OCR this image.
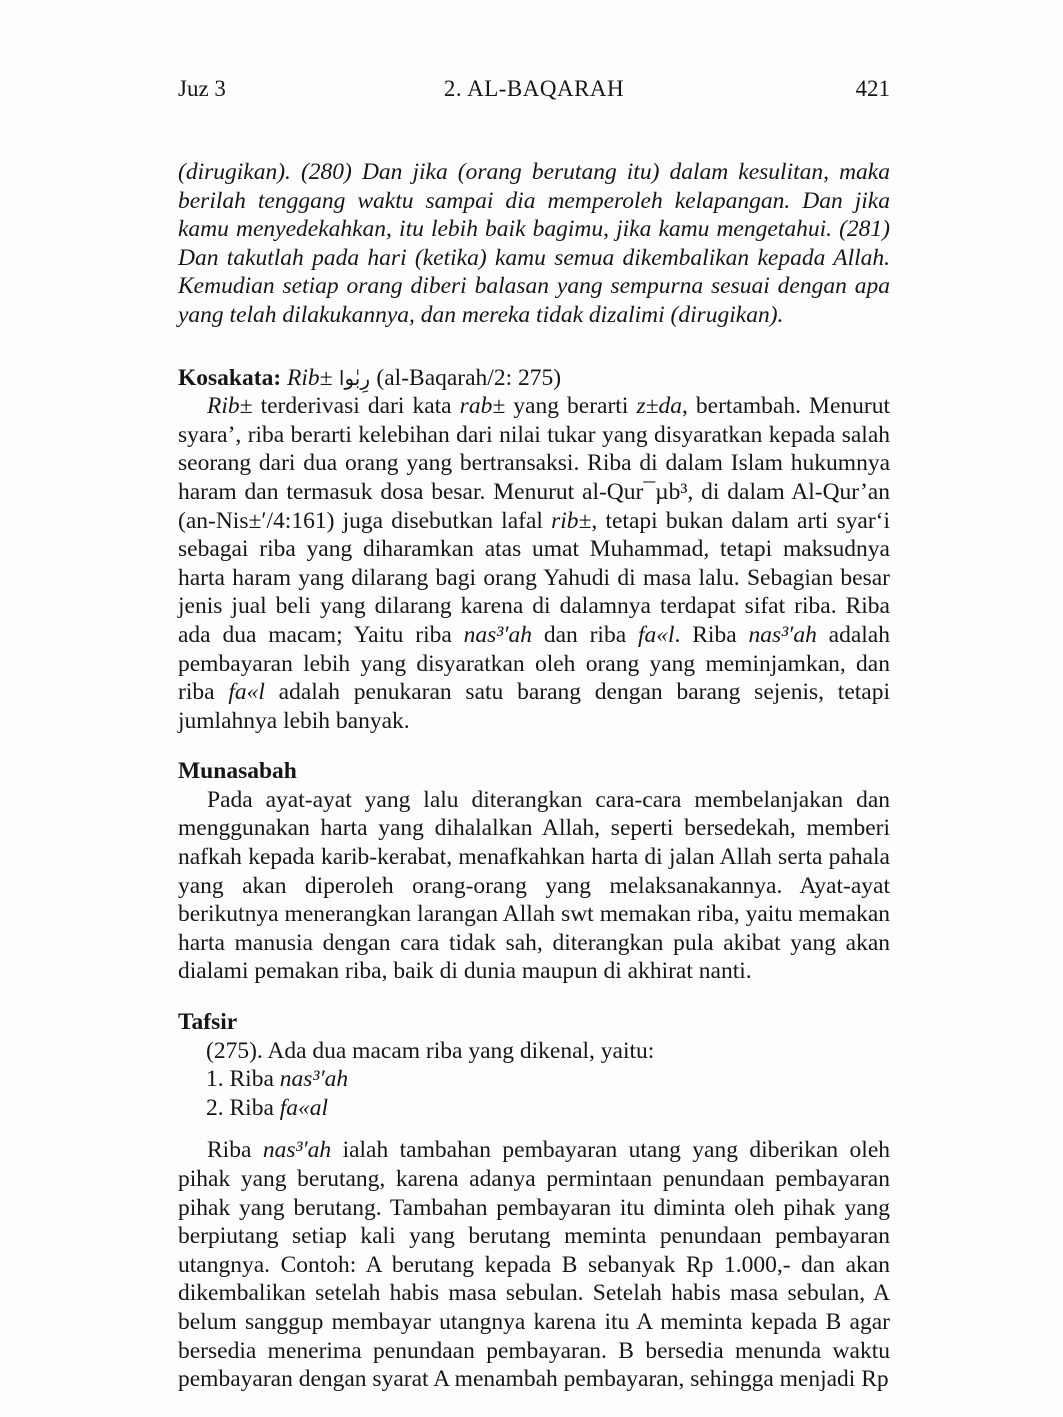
Juz 3	2. AL-BAQARAH	421

(dirugikan). (280) Dan jika (orang berutang itu) dalam kesulitan, maka berilah tenggang waktu sampai dia memperoleh kelapangan. Dan jika kamu menyedekahkan, itu lebih baik bagimu, jika kamu mengetahui. (281) Dan takutlah pada hari (ketika) kamu semua dikembalikan kepada Allah. Kemudian setiap orang diberi balasan yang sempurna sesuai dengan apa yang telah dilakukannya, dan mereka tidak dizalimi (dirugikan).

Kosakata: Rib± رِبٰوا (al-Baqarah/2: 275)

Rib± terderivasi dari kata rab± yang berarti z±da, bertambah. Menurut syara’, riba berarti kelebihan dari nilai tukar yang disyaratkan kepada salah seorang dari dua orang yang bertransaksi. Riba di dalam Islam hukumnya haram dan termasuk dosa besar. Menurut al-Qur¯µb³, di dalam Al-Qur’an (an-Nis±′/4:161) juga disebutkan lafal rib±, tetapi bukan dalam arti syar‘i sebagai riba yang diharamkan atas umat Muhammad, tetapi maksudnya harta haram yang dilarang bagi orang Yahudi di masa lalu. Sebagian besar jenis jual beli yang dilarang karena di dalamnya terdapat sifat riba. Riba ada dua macam; Yaitu riba nas³′ah dan riba fa«l. Riba nas³′ah adalah pembayaran lebih yang disyaratkan oleh orang yang meminjamkan, dan riba fa«l adalah penukaran satu barang dengan barang sejenis, tetapi jumlahnya lebih banyak.

Munasabah

Pada ayat-ayat yang lalu diterangkan cara-cara membelanjakan dan menggunakan harta yang dihalalkan Allah, seperti bersedekah, memberi nafkah kepada karib-kerabat, menafkahkan harta di jalan Allah serta pahala yang akan diperoleh orang-orang yang melaksanakannya. Ayat-ayat berikutnya menerangkan larangan Allah swt memakan riba, yaitu memakan harta manusia dengan cara tidak sah, diterangkan pula akibat yang akan dialami pemakan riba, baik di dunia maupun di akhirat nanti.

Tafsir

(275). Ada dua macam riba yang dikenal, yaitu:

1. Riba nas³′ah

2. Riba fa«al

Riba nas³′ah ialah tambahan pembayaran utang yang diberikan oleh pihak yang berutang, karena adanya permintaan penundaan pembayaran pihak yang berutang. Tambahan pembayaran itu diminta oleh pihak yang berpiutang setiap kali yang berutang meminta penundaan pembayaran utangnya. Contoh: A berutang kepada B sebanyak Rp 1.000,- dan akan dikembalikan setelah habis masa sebulan. Setelah habis masa sebulan, A belum sanggup membayar utangnya karena itu A meminta kepada B agar bersedia menerima penundaan pembayaran. B bersedia menunda waktu pembayaran dengan syarat A menambah pembayaran, sehingga menjadi Rp
